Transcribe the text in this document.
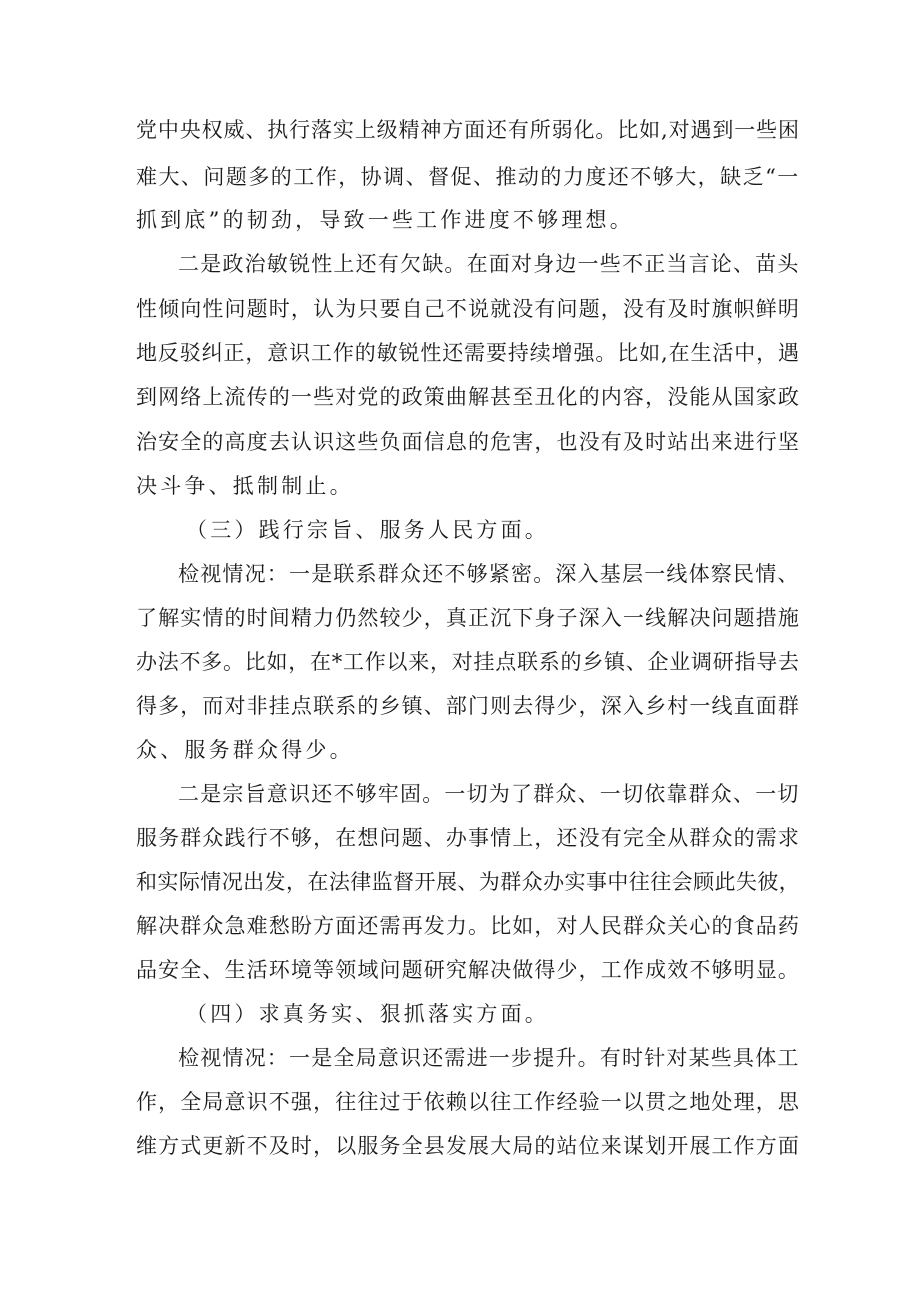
党中央权威、执行落实上级精神方面还有所弱化。比如,对遇到一些困
难大、问题多的工作，协调、督促、推动的力度还不够大，缺乏“一
抓到底”的韧劲，导致一些工作进度不够理想。
二是政治敏锐性上还有欠缺。在面对身边一些不正当言论、苗头
性倾向性问题时，认为只要自己不说就没有问题，没有及时旗帜鲜明
地反驳纠正，意识工作的敏锐性还需要持续增强。比如,在生活中，遇
到网络上流传的一些对党的政策曲解甚至丑化的内容，没能从国家政
治安全的高度去认识这些负面信息的危害，也没有及时站出来进行坚
决斗争、抵制制止。
（三）践行宗旨、服务人民方面。
检视情况：一是联系群众还不够紧密。深入基层一线体察民情、
了解实情的时间精力仍然较少，真正沉下身子深入一线解决问题措施
办法不多。比如，在*工作以来，对挂点联系的乡镇、企业调研指导去
得多，而对非挂点联系的乡镇、部门则去得少，深入乡村一线直面群
众、服务群众得少。
二是宗旨意识还不够牢固。一切为了群众、一切依靠群众、一切
服务群众践行不够，在想问题、办事情上，还没有完全从群众的需求
和实际情况出发，在法律监督开展、为群众办实事中往往会顾此失彼，
解决群众急难愁盼方面还需再发力。比如，对人民群众关心的食品药
品安全、生活环境等领域问题研究解决做得少，工作成效不够明显。
（四）求真务实、狠抓落实方面。
检视情况：一是全局意识还需进一步提升。有时针对某些具体工
作，全局意识不强，往往过于依赖以往工作经验一以贯之地处理，思
维方式更新不及时，以服务全县发展大局的站位来谋划开展工作方面
